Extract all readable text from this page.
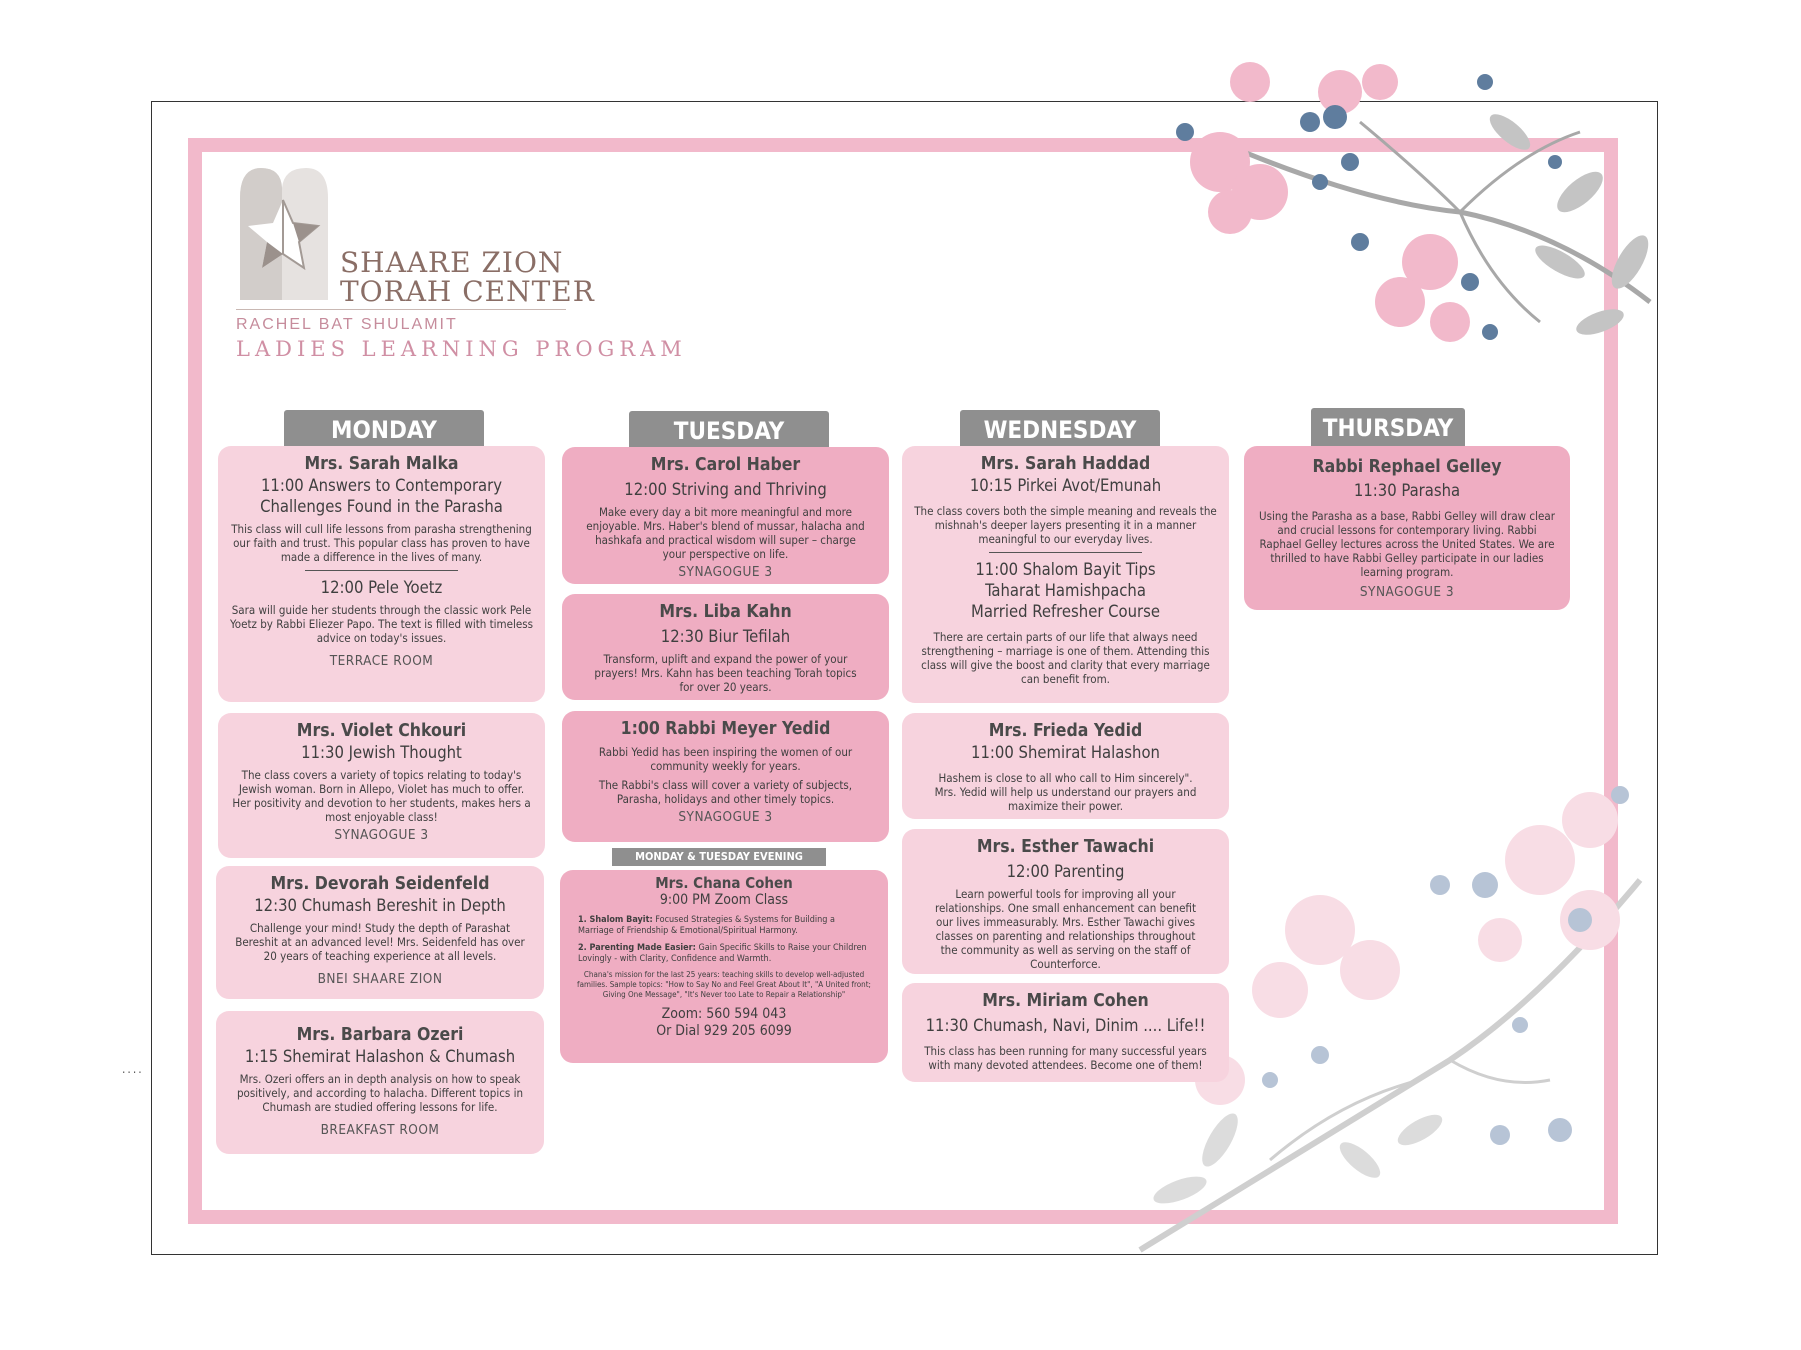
SHAARE ZION
TORAH CENTER
RACHEL BAT SHULAMIT
LADIES LEARNING PROGRAM
MONDAY	TUESDAY	WEDNESDAY	THURSDAY
Mrs. Sarah Malka
11:00 Answers to Contemporary Challenges Found in the Parasha
This class will cull life lessons from parasha strengthening our faith and trust. This popular class has proven to have made a difference in the lives of many.
12:00 Pele Yoetz
Sara will guide her students through the classic work Pele Yoetz by Rabbi Eliezer Papo. The text is filled with timeless advice on today's issues.
TERRACE ROOM
Mrs. Violet Chkouri
11:30 Jewish Thought
The class covers a variety of topics relating to today's Jewish woman. Born in Allepo, Violet has much to offer. Her positivity and devotion to her students, makes hers a most enjoyable class!
SYNAGOGUE 3
Mrs. Devorah Seidenfeld
12:30 Chumash Bereshit in Depth
Challenge your mind! Study the depth of Parashat Bereshit at an advanced level! Mrs. Seidenfeld has over 20 years of teaching experience at all levels.
BNEI SHAARE ZION
Mrs. Barbara Ozeri
1:15 Shemirat Halashon & Chumash
Mrs. Ozeri offers an in depth analysis on how to speak positively, and according to halacha. Different topics in Chumash are studied offering lessons for life.
BREAKFAST ROOM
Mrs. Carol Haber
12:00 Striving and Thriving
Make every day a bit more meaningful and more enjoyable. Mrs. Haber's blend of mussar, halacha and hashkafa and practical wisdom will super – charge your perspective on life.
SYNAGOGUE 3
Mrs. Liba Kahn
12:30 Biur Tefilah
Transform, uplift and expand the power of your prayers! Mrs. Kahn has been teaching Torah topics for over 20 years.
1:00 Rabbi Meyer Yedid
Rabbi Yedid has been inspiring the women of our community weekly for years.
The Rabbi's class will cover a variety of subjects, Parasha, holidays and other timely topics.
SYNAGOGUE 3
MONDAY & TUESDAY EVENING
Mrs. Chana Cohen
9:00 PM Zoom Class
1. Shalom Bayit: Focused Strategies & Systems for Building a Marriage of Friendship & Emotional/Spiritual Harmony.
2. Parenting Made Easier: Gain Specific Skills to Raise your Children Lovingly - with Clarity, Confidence and Warmth.
Chana's mission for the last 25 years: teaching skills to develop well-adjusted families. Sample topics: "How to Say No and Feel Great About It", "A United front; Giving One Message", "It's Never too Late to Repair a Relationship"
Zoom: 560 594 043
Or Dial 929 205 6099
Mrs. Sarah Haddad
10:15 Pirkei Avot/Emunah
The class covers both the simple meaning and reveals the mishnah's deeper layers presenting it in a manner meaningful to our everyday lives.
11:00 Shalom Bayit Tips
Taharat Hamishpacha
Married Refresher Course
There are certain parts of our life that always need strengthening – marriage is one of them. Attending this class will give the boost and clarity that every marriage can benefit from.
Mrs. Frieda Yedid
11:00 Shemirat Halashon
Hashem is close to all who call to Him sincerely". Mrs. Yedid will help us understand our prayers and maximize their power.
Mrs. Esther Tawachi
12:00 Parenting
Learn powerful tools for improving all your relationships. One small enhancement can benefit our lives immeasurably. Mrs. Esther Tawachi gives classes on parenting and relationships throughout the community as well as serving on the staff of Counterforce.
Mrs. Miriam Cohen
11:30 Chumash, Navi, Dinim .... Life!!
This class has been running for many successful years with many devoted attendees. Become one of them!
Rabbi Rephael Gelley
11:30 Parasha
Using the Parasha as a base, Rabbi Gelley will draw clear and crucial lessons for contemporary living. Rabbi Raphael Gelley lectures across the United States. We are thrilled to have Rabbi Gelley participate in our ladies learning program.
SYNAGOGUE 3
....
